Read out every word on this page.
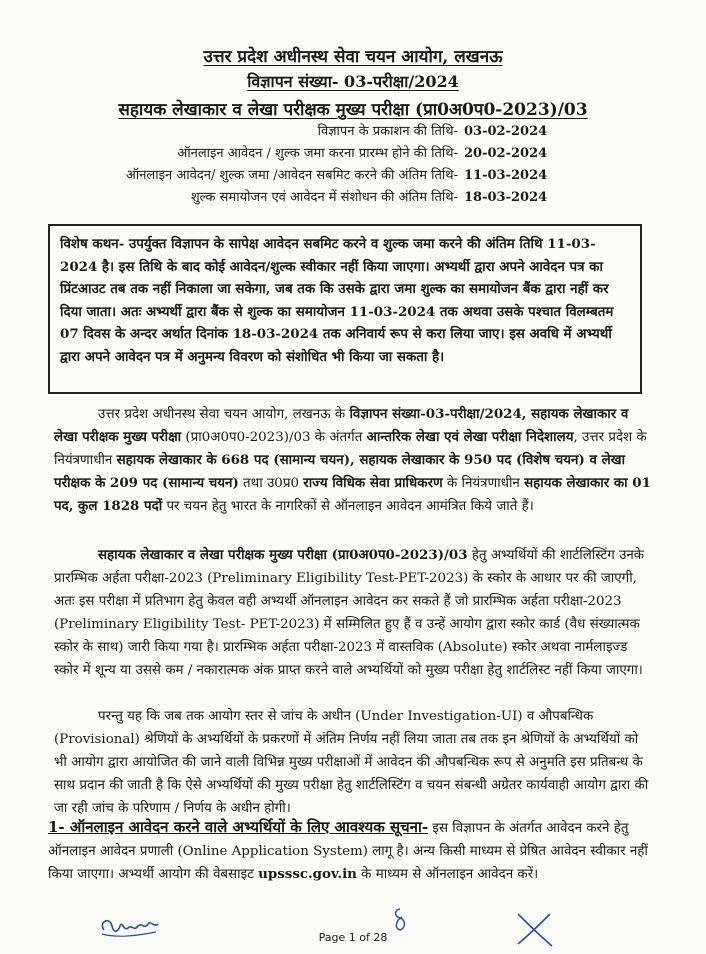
उत्तर प्रदेश अधीनस्थ सेवा चयन आयोग, लखनऊ
विज्ञापन संख्या- 03-परीक्षा/2024
सहायक लेखाकार व लेखा परीक्षक मुख्य परीक्षा (प्रा0अ0प0-2023)/03
विज्ञापन के प्रकाशन की तिथि- 03-02-2024
ऑनलाइन आवेदन / शुल्क जमा करना प्रारम्भ होने की तिथि- 20-02-2024
ऑनलाइन आवेदन/ शुल्क जमा /आवेदन सबमिट करने की अंतिम तिथि- 11-03-2024
शुल्क समायोजन एवं आवेदन में संशोधन की अंतिम तिथि- 18-03-2024
विशेष कथन- उपर्युक्त विज्ञापन के सापेक्ष आवेदन सबमिट करने व शुल्क जमा करने की अंतिम तिथि 11-03-2024 है। इस तिथि के बाद कोई आवेदन/शुल्क स्वीकार नहीं किया जाएगा। अभ्यर्थी द्वारा अपने आवेदन पत्र का प्रिंटआउट तब तक नहीं निकाला जा सकेगा, जब तक कि उसके द्वारा जमा शुल्क का समायोजन बैंक द्वारा नहीं कर दिया जाता। अतः अभ्यर्थी द्वारा बैंक से शुल्क का समायोजन 11-03-2024 तक अथवा उसके पश्चात विलम्बतम 07 दिवस के अन्दर अर्थात दिनांक 18-03-2024 तक अनिवार्य रूप से करा लिया जाए। इस अवधि में अभ्यर्थी द्वारा अपने आवेदन पत्र में अनुमन्य विवरण को संशोधित भी किया जा सकता है।
उत्तर प्रदेश अधीनस्थ सेवा चयन आयोग, लखनऊ के विज्ञापन संख्या-03-परीक्षा/2024, सहायक लेखाकार व लेखा परीक्षक मुख्य परीक्षा (प्रा0अ0प0-2023)/03 के अंतर्गत आन्तरिक लेखा एवं लेखा परीक्षा निदेशालय, उत्तर प्रदेश के नियंत्रणाधीन सहायक लेखाकार के 668 पद (सामान्य चयन), सहायक लेखाकार के 950 पद (विशेष चयन) व लेखा परीक्षक के 209 पद (सामान्य चयन) तथा उ0प्र0 राज्य विधिक सेवा प्राधिकरण के नियंत्रणाधीन सहायक लेखाकार का 01 पद, कुल 1828 पदों पर चयन हेतु भारत के नागरिकों से ऑनलाइन आवेदन आमंत्रित किये जाते हैं।
सहायक लेखाकार व लेखा परीक्षक मुख्य परीक्षा (प्रा0अ0प0-2023)/03 हेतु अभ्यर्थियों की शार्टलिस्टिंग उनके प्रारम्भिक अर्हता परीक्षा-2023 (Preliminary Eligibility Test-PET-2023) के स्कोर के आधार पर की जाएगी, अतः इस परीक्षा में प्रतिभाग हेतु केवल वही अभ्यर्थी ऑनलाइन आवेदन कर सकते हैं जो प्रारम्भिक अर्हता परीक्षा-2023 (Preliminary Eligibility Test- PET-2023) में सम्मिलित हुए हैं व उन्हें आयोग द्वारा स्कोर कार्ड (वैध संख्यात्मक स्कोर के साथ) जारी किया गया है। प्रारम्भिक अर्हता परीक्षा-2023 में वास्तविक (Absolute) स्कोर अथवा नार्मलाइज्ड स्कोर में शून्य या उससे कम / नकारात्मक अंक प्राप्त करने वाले अभ्यर्थियों को मुख्य परीक्षा हेतु शार्टलिस्ट नहीं किया जाएगा।
परन्तु यह कि जब तक आयोग स्तर से जांच के अधीन (Under Investigation-UI) व औपबन्धिक (Provisional) श्रेणियों के अभ्यर्थियों के प्रकरणों में अंतिम निर्णय नहीं लिया जाता तब तक इन श्रेणियों के अभ्यर्थियों को भी आयोग द्वारा आयोजित की जाने वाली विभिन्न मुख्य परीक्षाओं में आवेदन की औपबन्धिक रूप से अनुमति इस प्रतिबन्ध के साथ प्रदान की जाती है कि ऐसे अभ्यर्थियों की मुख्य परीक्षा हेतु शार्टलिस्टिंग व चयन संबन्धी अग्रेतर कार्यवाही आयोग द्वारा की जा रही जांच के परिणाम / निर्णय के अधीन होगी।
1- ऑनलाइन आवेदन करने वाले अभ्यर्थियों के लिए आवश्यक सूचना- इस विज्ञापन के अंतर्गत आवेदन करने हेतु ऑनलाइन आवेदन प्रणाली (Online Application System) लागू है। अन्य किसी माध्यम से प्रेषित आवेदन स्वीकार नहीं किया जाएगा। अभ्यर्थी आयोग की वेबसाइट upsssc.gov.in के माध्यम से ऑनलाइन आवेदन करें।
Page 1 of 28
